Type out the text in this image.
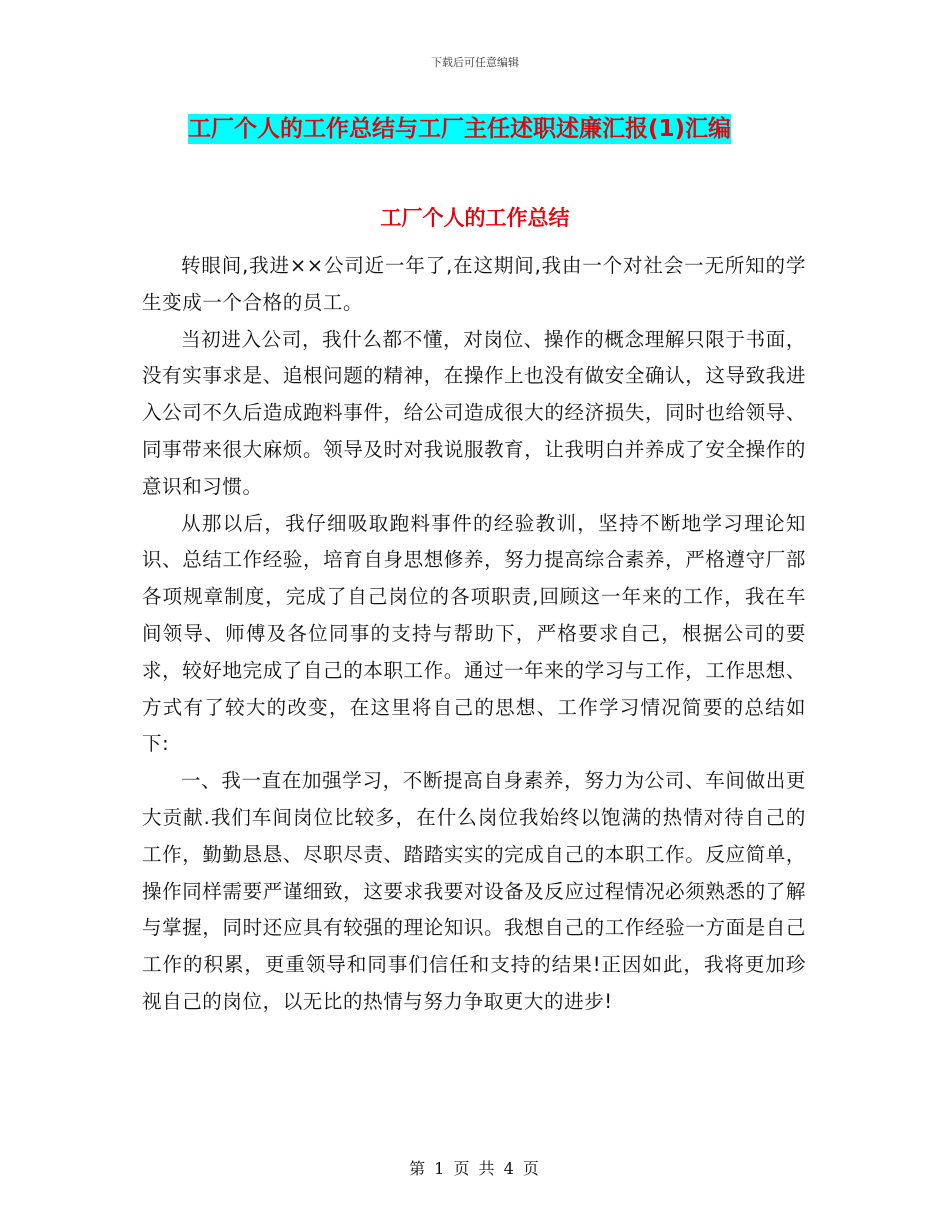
下载后可任意编辑
工厂个人的工作总结与工厂主任述职述廉汇报(1)汇编
工厂个人的工作总结

转眼间,我进××公司近一年了,在这期间,我由一个对社会一无所知的学生变成一个合格的员工。

当初进入公司，我什么都不懂，对岗位、操作的概念理解只限于书面，没有实事求是、追根问题的精神，在操作上也没有做安全确认，这导致我进入公司不久后造成跑料事件，给公司造成很大的经济损失，同时也给领导、同事带来很大麻烦。领导及时对我说服教育，让我明白并养成了安全操作的意识和习惯。

从那以后，我仔细吸取跑料事件的经验教训，坚持不断地学习理论知识、总结工作经验，培育自身思想修养，努力提高综合素养，严格遵守厂部各项规章制度，完成了自己岗位的各项职责,回顾这一年来的工作，我在车间领导、师傅及各位同事的支持与帮助下，严格要求自己，根据公司的要求，较好地完成了自己的本职工作。通过一年来的学习与工作，工作思想、方式有了较大的改变，在这里将自己的思想、工作学习情况简要的总结如下:

一、我一直在加强学习，不断提高自身素养，努力为公司、车间做出更大贡献.我们车间岗位比较多，在什么岗位我始终以饱满的热情对待自己的工作，勤勤恳恳、尽职尽责、踏踏实实的完成自己的本职工作。反应简单，操作同样需要严谨细致，这要求我要对设备及反应过程情况必须熟悉的了解与掌握，同时还应具有较强的理论知识。我想自己的工作经验一方面是自己工作的积累，更重领导和同事们信任和支持的结果!正因如此，我将更加珍视自己的岗位，以无比的热情与努力争取更大的进步!

第 1 页 共 4 页
